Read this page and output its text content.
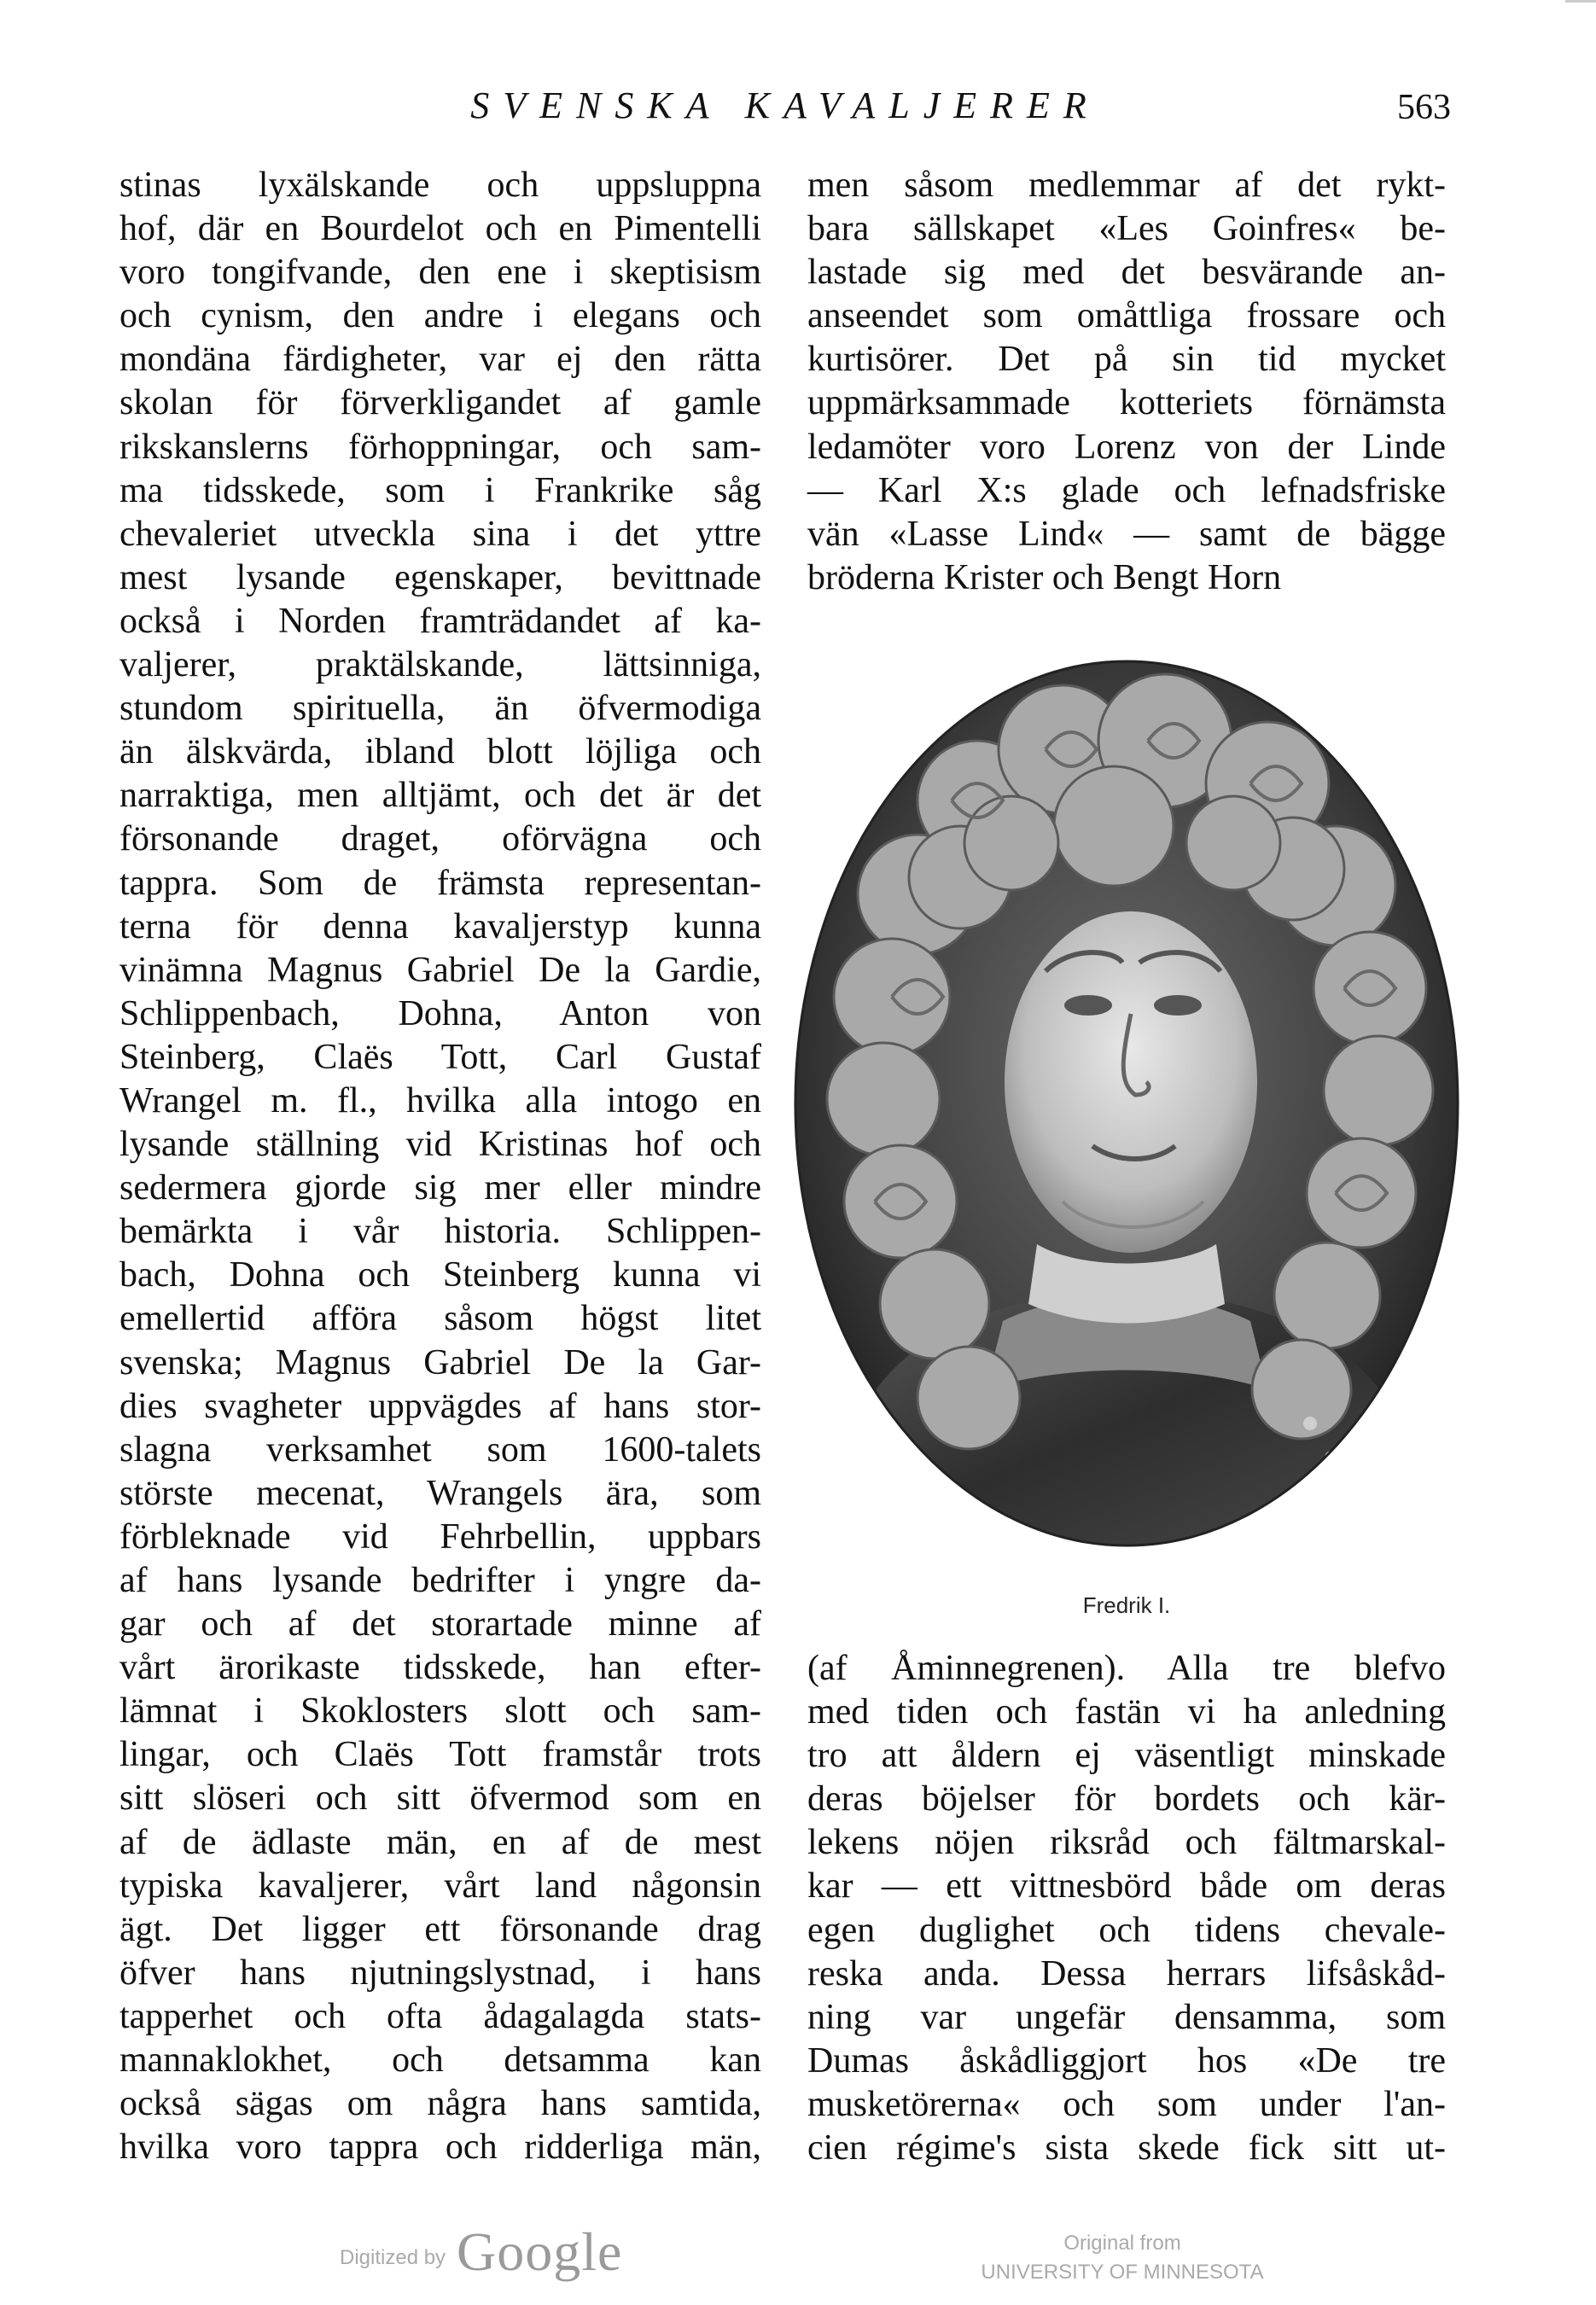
SVENSKA KAVALJERER	563
stinas lyxälskande och uppsluppna
hof, där en Bourdelot och en Pimentelli
voro tongifvande, den ene i skeptisism
och cynism, den andre i elegans och
mondäna färdigheter, var ej den rätta
skolan för förverkligandet af gamle
rikskanslerns förhoppningar, och sam-
ma tidsskede, som i Frankrike såg
chevaleriet utveckla sina i det yttre
mest lysande egenskaper, bevittnade
också i Norden framträdandet af ka-
valjerer, praktälskande, lättsinniga,
stundom spirituella, än öfvermodiga
än älskvärda, ibland blott löjliga och
narraktiga, men alltjämt, och det är det
försonande draget, oförvägna och
tappra. Som de främsta representan-
terna för denna kavaljerstyp kunna
vinämna Magnus Gabriel De la Gardie,
Schlippenbach, Dohna, Anton von
Steinberg, Claës Tott, Carl Gustaf
Wrangel m. fl., hvilka alla intogo en
lysande ställning vid Kristinas hof och
sedermera gjorde sig mer eller mindre
bemärkta i vår historia. Schlippen-
bach, Dohna och Steinberg kunna vi
emellertid afföra såsom högst litet
svenska; Magnus Gabriel De la Gar-
dies svagheter uppvägdes af hans stor-
slagna verksamhet som 1600-talets
störste mecenat, Wrangels ära, som
förbleknade vid Fehrbellin, uppbars
af hans lysande bedrifter i yngre da-
gar och af det storartade minne af
vårt ärorikaste tidsskede, han efter-
lämnat i Skoklosters slott och sam-
lingar, och Claës Tott framstår trots
sitt slöseri och sitt öfvermod som en
af de ädlaste män, en af de mest
typiska kavaljerer, vårt land någonsin
ägt. Det ligger ett försonande drag
öfver hans njutningslystnad, i hans
tapperhet och ofta ådagalagda stats-
mannaklokhet, och detsamma kan
också sägas om några hans samtida,
hvilka voro tappra och ridderliga män,
men såsom medlemmar af det rykt-
bara sällskapet «Les Goinfres« be-
lastade sig med det besvärande an-
anseendet som omåttliga frossare och
kurtisörer. Det på sin tid mycket
uppmärksammade kotteriets förnämsta
ledamöter voro Lorenz von der Linde
— Karl X:s glade och lefnadsfriske
vän «Lasse Lind« — samt de bägge
bröderna Krister och Bengt Horn
Fredrik I.
(af Åminnegrenen). Alla tre blefvo
med tiden och fastän vi ha anledning
tro att åldern ej väsentligt minskade
deras böjelser för bordets och kär-
lekens nöjen riksråd och fältmarskal-
kar — ett vittnesbörd både om deras
egen duglighet och tidens chevale-
reska anda. Dessa herrars lifsåskåd-
ning var ungefär densamma, som
Dumas åskådliggjort hos «De tre
musketörerna« och som under l'an-
cien régime's sista skede fick sitt ut-
Digitized by Google	Original from
UNIVERSITY OF MINNESOTA
